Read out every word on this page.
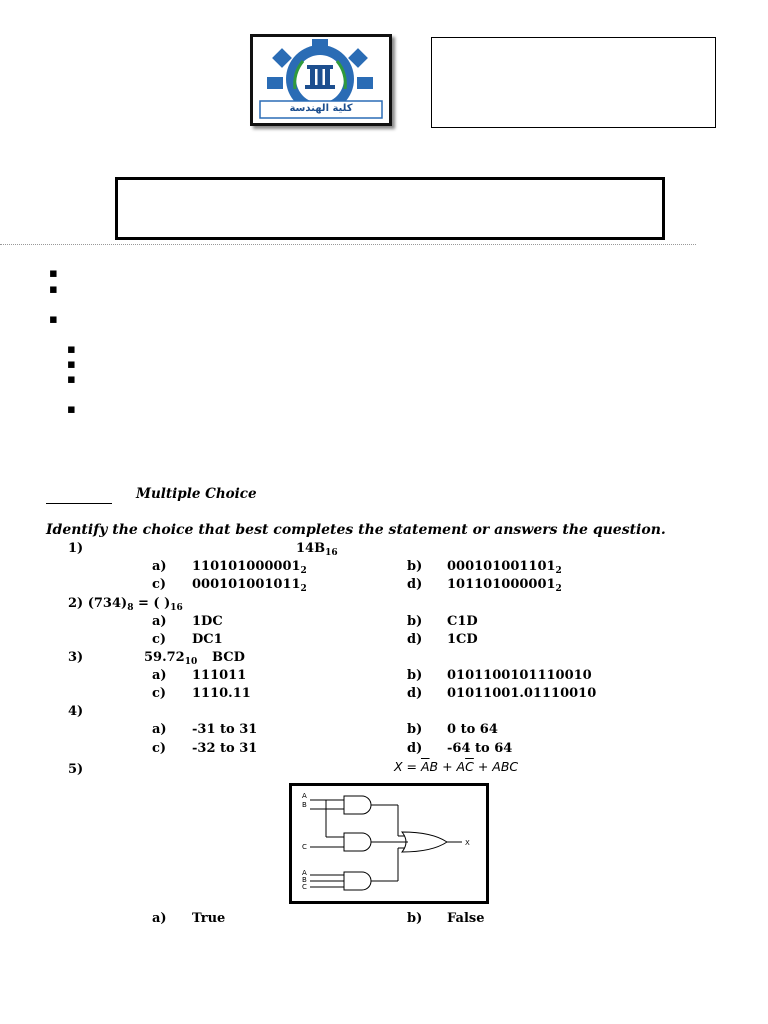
کلية الهندسة
▪
▪
▪
▪
▪
▪
▪
Multiple Choice
Identify the choice that best completes the statement or answers the question.
1)	$14B_{16}$
a) $110101000001_2$	b) $000101001101_2$
c) $000101001011_2$	d) $101101000001_2$
2) $(734)_8$ = ( )$_{16}$
a) 1DC	b) C1D
c) DC1	d) 1CD
3)	$59.72_{10}$ BCD
a) 111011	b) 0101100101110010
c) 1110.11	d) 01011001.01110010
4)
a) -31 to 31	b) 0 to 64
c) -32 to 31	d) -64 to 64
5)	$X = \overline{A}B + A\overline{C}$ + ABC
A
B
C
A
B
C
X
a) True	b) False
